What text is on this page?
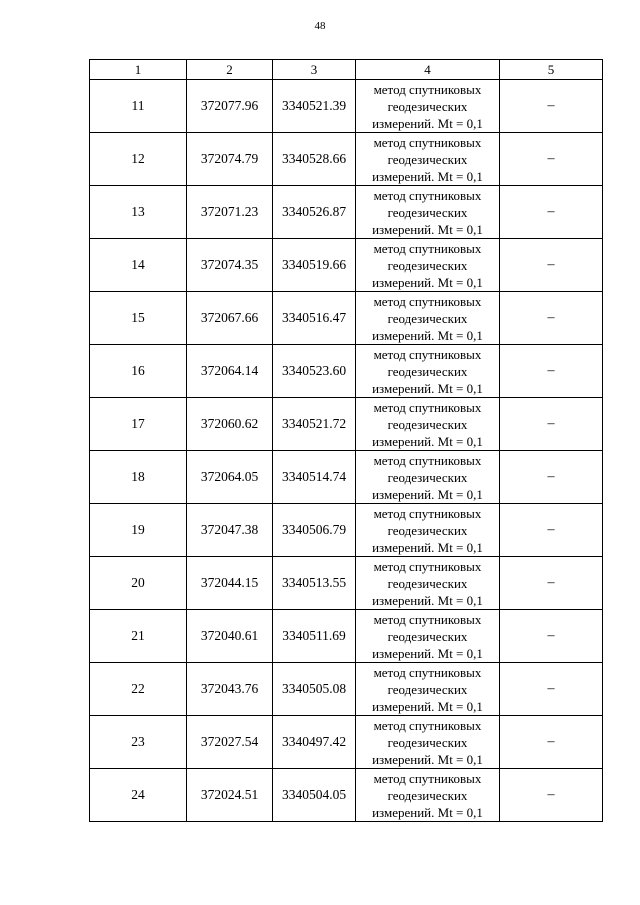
48
1	2	3	4	5
11	372077.96	3340521.39	метод спутниковых
геодезических
измерений. Mt = 0,1	–
12	372074.79	3340528.66	метод спутниковых
геодезических
измерений. Mt = 0,1	–
13	372071.23	3340526.87	метод спутниковых
геодезических
измерений. Mt = 0,1	–
14	372074.35	3340519.66	метод спутниковых
геодезических
измерений. Mt = 0,1	–
15	372067.66	3340516.47	метод спутниковых
геодезических
измерений. Mt = 0,1	–
16	372064.14	3340523.60	метод спутниковых
геодезических
измерений. Mt = 0,1	–
17	372060.62	3340521.72	метод спутниковых
геодезических
измерений. Mt = 0,1	–
18	372064.05	3340514.74	метод спутниковых
геодезических
измерений. Mt = 0,1	–
19	372047.38	3340506.79	метод спутниковых
геодезических
измерений. Mt = 0,1	–
20	372044.15	3340513.55	метод спутниковых
геодезических
измерений. Mt = 0,1	–
21	372040.61	3340511.69	метод спутниковых
геодезических
измерений. Mt = 0,1	–
22	372043.76	3340505.08	метод спутниковых
геодезических
измерений. Mt = 0,1	–
23	372027.54	3340497.42	метод спутниковых
геодезических
измерений. Mt = 0,1	–
24	372024.51	3340504.05	метод спутниковых
геодезических
измерений. Mt = 0,1	–
